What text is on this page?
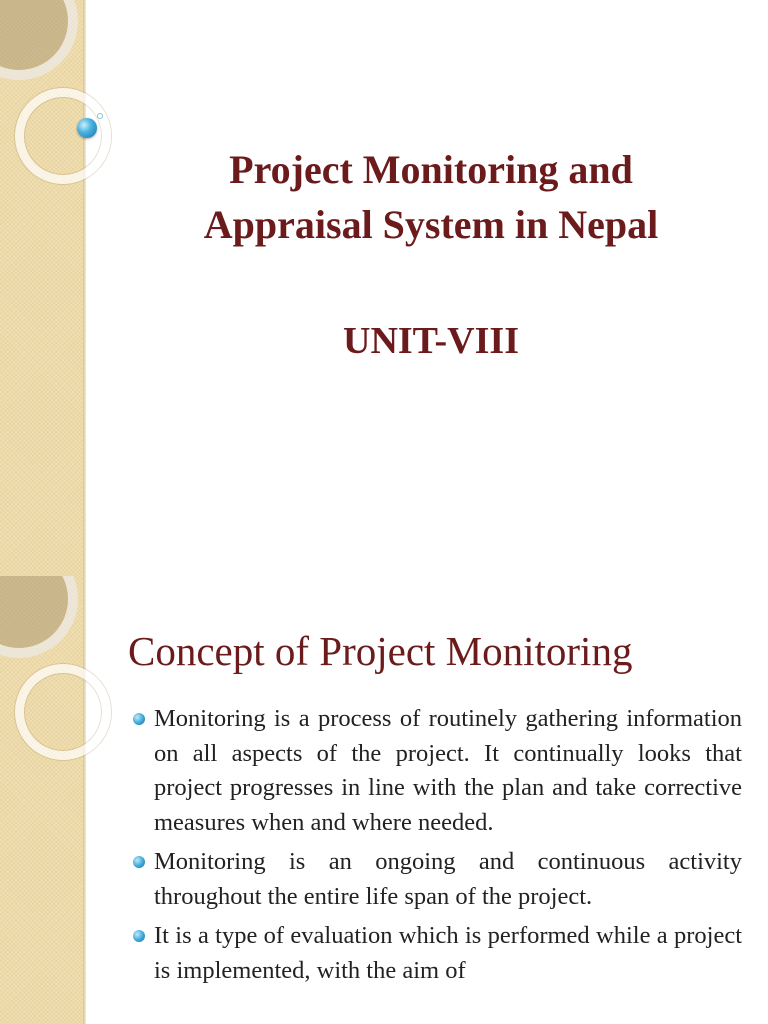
Project Monitoring and
Appraisal System in Nepal
UNIT-VIII
Concept of Project Monitoring
Monitoring is a process of routinely gathering information on all aspects of the project. It continually looks that project progresses in line with the plan and take corrective measures when and where needed.
Monitoring is an ongoing and continuous activity throughout the entire life span of the project.
It is a type of evaluation which is performed while a project is implemented, with the aim of
